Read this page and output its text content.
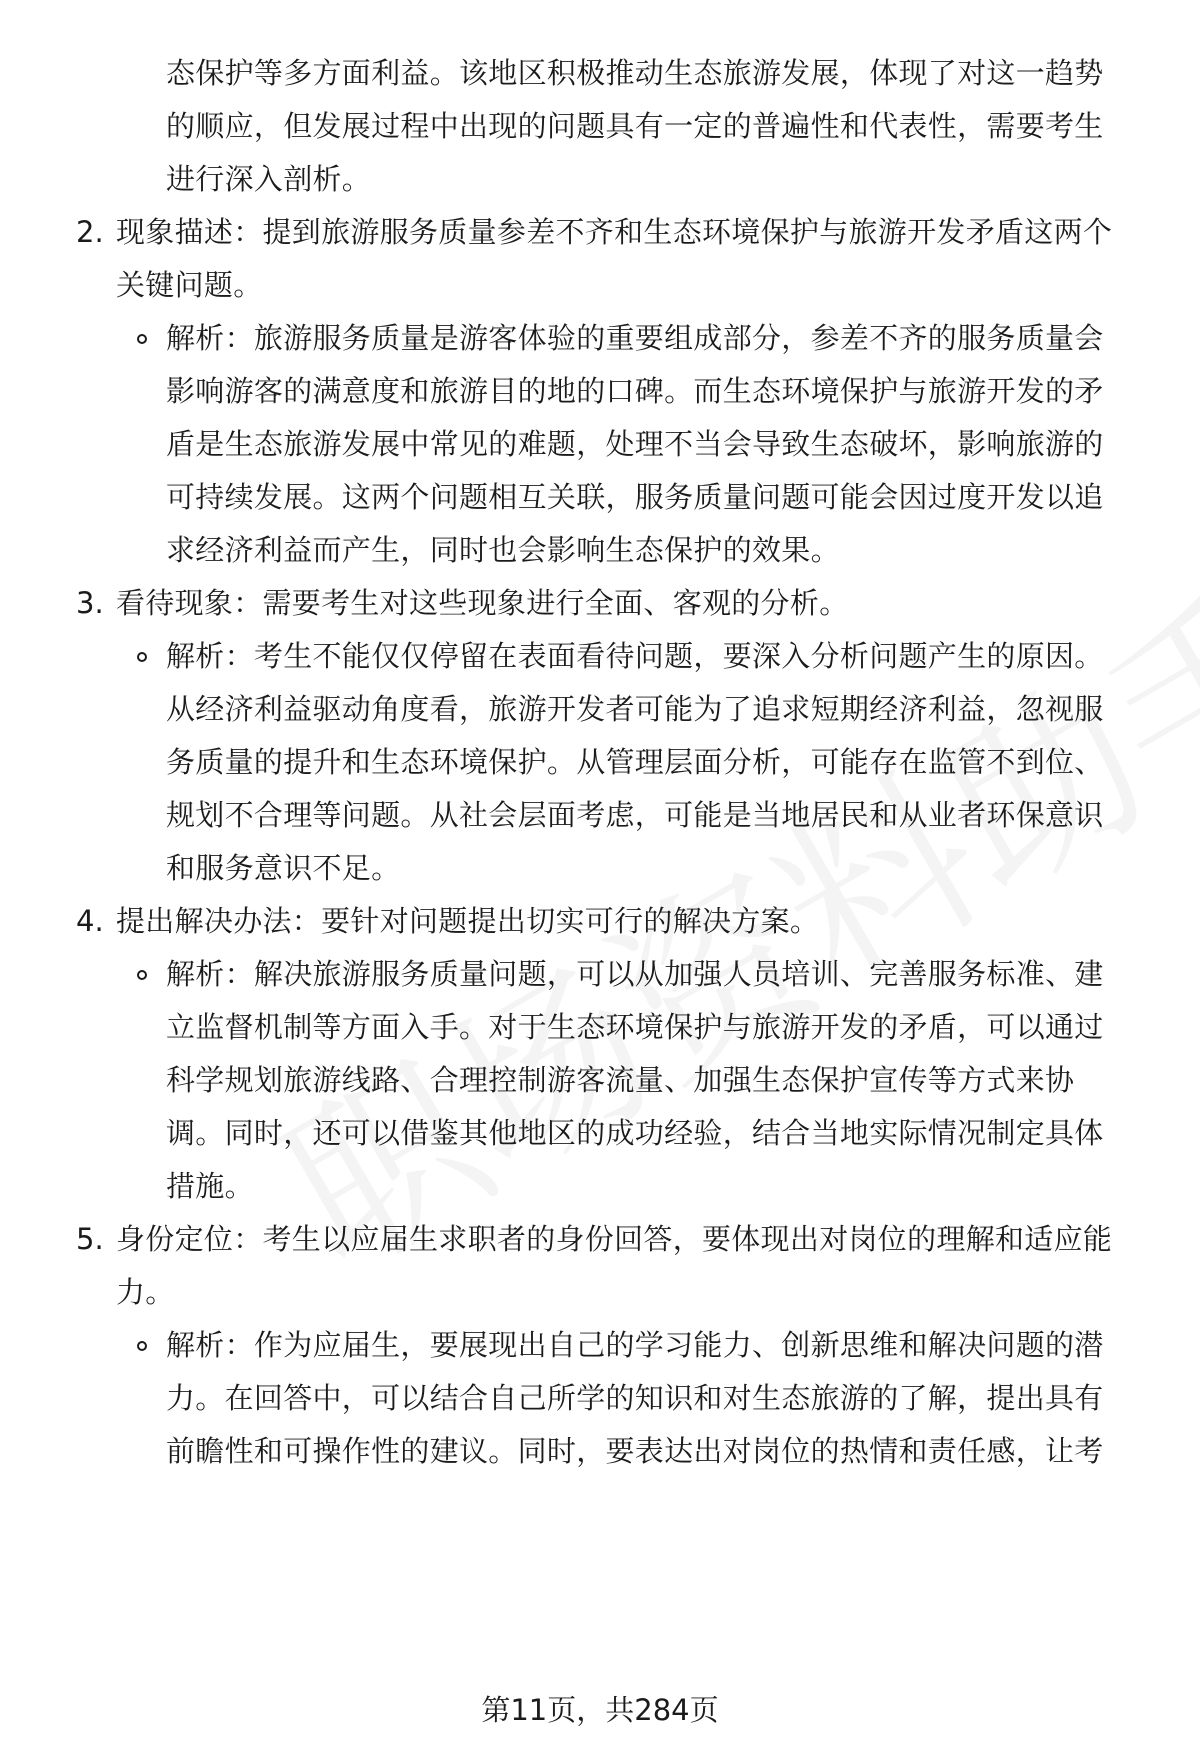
态保护等多方面利益。该地区积极推动生态旅游发展，体现了对这一趋势
的顺应，但发展过程中出现的问题具有一定的普遍性和代表性，需要考生
进行深入剖析。
2. 现象描述：提到旅游服务质量参差不齐和生态环境保护与旅游开发矛盾这两个
关键问题。
解析：旅游服务质量是游客体验的重要组成部分，参差不齐的服务质量会
影响游客的满意度和旅游目的地的口碑。而生态环境保护与旅游开发的矛
盾是生态旅游发展中常见的难题，处理不当会导致生态破坏，影响旅游的
可持续发展。这两个问题相互关联，服务质量问题可能会因过度开发以追
求经济利益而产生，同时也会影响生态保护的效果。
3. 看待现象：需要考生对这些现象进行全面、客观的分析。
解析：考生不能仅仅停留在表面看待问题，要深入分析问题产生的原因。
从经济利益驱动角度看，旅游开发者可能为了追求短期经济利益，忽视服
务质量的提升和生态环境保护。从管理层面分析，可能存在监管不到位、
规划不合理等问题。从社会层面考虑，可能是当地居民和从业者环保意识
和服务意识不足。
4. 提出解决办法：要针对问题提出切实可行的解决方案。
解析：解决旅游服务质量问题，可以从加强人员培训、完善服务标准、建
立监督机制等方面入手。对于生态环境保护与旅游开发的矛盾，可以通过
科学规划旅游线路、合理控制游客流量、加强生态保护宣传等方式来协
调。同时，还可以借鉴其他地区的成功经验，结合当地实际情况制定具体
措施。
5. 身份定位：考生以应届生求职者的身份回答，要体现出对岗位的理解和适应能
力。
解析：作为应届生，要展现出自己的学习能力、创新思维和解决问题的潜
力。在回答中，可以结合自己所学的知识和对生态旅游的了解，提出具有
前瞻性和可操作性的建议。同时，要表达出对岗位的热情和责任感，让考
第11页，共284页
